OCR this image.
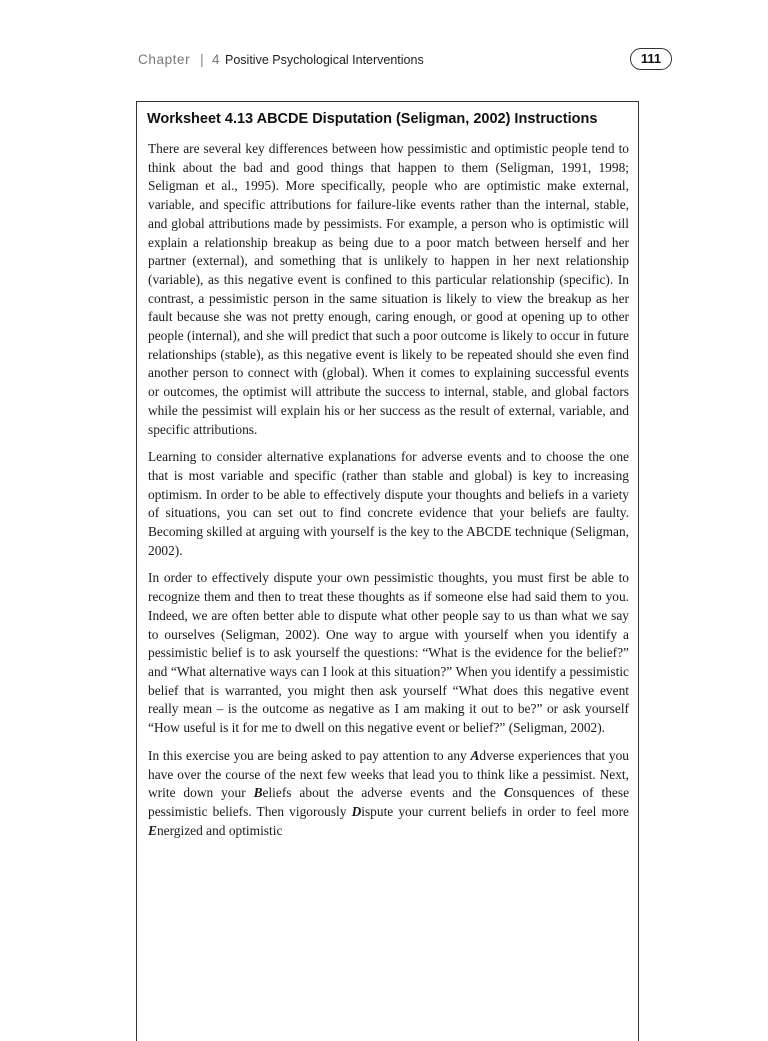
Chapter | 4 Positive Psychological Interventions	111
Worksheet 4.13 ABCDE Disputation (Seligman, 2002) Instructions

There are several key differences between how pessimistic and optimistic people tend to think about the bad and good things that happen to them (Seligman, 1991, 1998; Seligman et al., 1995). More specifically, people who are optimistic make external, variable, and specific attributions for failure-like events rather than the internal, stable, and global attributions made by pessimists. For example, a person who is optimistic will explain a relationship breakup as being due to a poor match between herself and her partner (external), and something that is unlikely to happen in her next relationship (variable), as this negative event is confined to this particular relationship (specific). In contrast, a pessimistic person in the same situation is likely to view the breakup as her fault because she was not pretty enough, caring enough, or good at opening up to other people (internal), and she will predict that such a poor outcome is likely to occur in future relationships (stable), as this negative event is likely to be repeated should she even find another person to connect with (global). When it comes to explaining successful events or outcomes, the optimist will attribute the success to internal, stable, and global factors while the pessimist will explain his or her success as the result of external, variable, and specific attributions.

Learning to consider alternative explanations for adverse events and to choose the one that is most variable and specific (rather than stable and global) is key to increasing optimism. In order to be able to effectively dispute your thoughts and beliefs in a variety of situations, you can set out to find concrete evidence that your beliefs are faulty. Becoming skilled at arguing with yourself is the key to the ABCDE technique (Seligman, 2002).

In order to effectively dispute your own pessimistic thoughts, you must first be able to recognize them and then to treat these thoughts as if someone else had said them to you. Indeed, we are often better able to dispute what other people say to us than what we say to ourselves (Seligman, 2002). One way to argue with yourself when you identify a pessimistic belief is to ask yourself the questions: “What is the evidence for the belief?” and “What alternative ways can I look at this situation?” When you identify a pessimistic belief that is warranted, you might then ask yourself “What does this negative event really mean – is the outcome as negative as I am making it out to be?” or ask yourself “How useful is it for me to dwell on this negative event or belief?” (Seligman, 2002).

In this exercise you are being asked to pay attention to any Adverse experiences that you have over the course of the next few weeks that lead you to think like a pessimist. Next, write down your Beliefs about the adverse events and the Consquences of these pessimistic beliefs. Then vigorously Dispute your current beliefs in order to feel more Energized and optimistic
